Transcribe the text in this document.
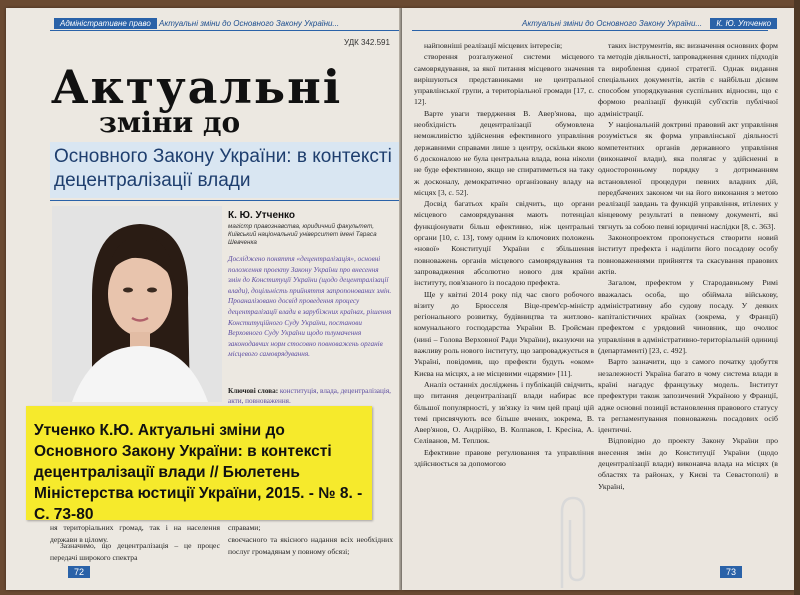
Адміністративне право Актуальні зміни до Основного Закону України...
УДК 342.591
Актуальні
зміни до
Основного Закону України: в контексті децентралізації влади
К. Ю. Утченко
магістр правознавства, юридичний факультет, Київський національний університет імені Тараса Шевченка
Досліджено поняття «децентралізація», основні положення проекту Закону України про внесення змін до Конституції України (щодо децентралізації влади), доцільність прийняття запропонованих змін. Проаналізовано досвід проведення процесу децентралізації влади в зарубіжних країнах, рішення Конституційного Суду України, постанови Верховного Суду України щодо тлумачення законодавчих норм стосовно повноважень органів місцевого самоврядування.
Ключові слова: конституція, влада, децентралізація, акти, повноваження.
ня територіальних громад, так і на населення держави в цілому.
Зазначимо, що децентралізація – це процес передачі широкого спектра
справами;
своєчасного та якісного надання всіх необхідних послуг громадянам у повному обсязі;
72
Актуальні зміни до Основного Закону України... К. Ю. Утченко

найповніші реалізації місцевих інтересів;

створення розгалуженої системи місцевого самоврядування, за якої питання місцевого значення вирішуються представниками не центральної управлінської групи, а територіальної громади [17, с. 12].

Варте уваги твердження В. Авер'янова, що необхідність децентралізації обумовлена неможливістю здійснення ефективного управління державними справами лише з центру, оскільки якою б досконалою не була центральна влада, вона ніколи не буде ефективною, якщо не спиратиметься на таку ж досконалу, демократично організовану владу на місцях [3, с. 52].

Досвід багатьох країн свідчить, що органи місцевого самоврядування мають потенціал функціонувати більш ефективно, ніж центральні органи [10, с. 13], тому одним із ключових положень «нової» Конституції України є збільшення повноважень органів місцевого самоврядування та запровадження абсолютно нового для країни інституту, пов'язаного із посадою префекта.

Ще у квітні 2014 року під час свого робочого візиту до Брюсселя Віце-прем'єр-міністр регіонального розвитку, будівництва та житлово-комунального господарства України В. Гройсман (нині – Голова Верховної Ради України), вказуючи на важливу роль нового інституту, що запроваджується в Україні, повідомив, що префекти будуть «оком» Києва на місцях, а не місцевими «царями» [11].

Аналіз останніх досліджень і публікацій свідчить, що питання децентралізації влади набирає все більшої популярності, у зв'язку із чим цей праці цій темі присвячують все більше вчених, зокрема, В. Авер'янов, О. Андрійко, В. Колпаков, І. Кресіна, А. Селіванов, М. Теплюк.

Ефективне правове регулювання та управління здійснюється за допомогою

таких інструментів, як: визначення основних форм та методів діяльності, запровадження єдиних підходів та вироблення єдиної стратегії. Однак видання спеціальних документів, актів є найбільш дієвим способом упорядкування суспільних відносин, що є формою реалізації функцій суб'єктів публічної адміністрації.

У національній доктрині правовий акт управління розуміється як форма управлінської діяльності компетентних органів державного управління (виконавчої влади), яка полягає у здійсненні в односторонньому порядку з дотриманням встановленої процедури певних владних дій, передбачених законом чи на його виконання з метою реалізації завдань та функцій управління, втілених у кінцевому результаті в певному документі, які тягнуть за собою певні юридичні наслідки [8, с. 363].

Законопроектом пропонується створити новий інститут префекта і наділити його посадову особу повноваженнями прийняття та скасування правових актів.

Загалом, префектом у Стародавньому Римі вважалась особа, що обіймала військову, адміністративну або судову посаду. У деяких капіталістичних країнах (зокрема, у Франції) префектом є урядовий чиновник, що очолює управління в адміністративно-територіальній одиниці (департаменті) [23, с. 492].

Варто зазначити, що з самого початку здобуття незалежності Україна багато в чому система влади в країні нагадує французьку модель. Інститут префектури також запозичений Україною у Франції, адже основні позиції встановлення правового статусу та регламентування повноважень посадових осіб ідентичні.

Відповідно до проекту Закону України про внесення змін до Конституції України (щодо децентралізації влади) виконавча влада на місцях (в областях та районах, у Києві та Севастополі) в Україні,

73
Утченко К.Ю. Актуальні зміни до Основного Закону України: в контексті децентралізації влади // Бюлетень Міністерства юстиції України, 2015. - № 8. - С. 73-80
